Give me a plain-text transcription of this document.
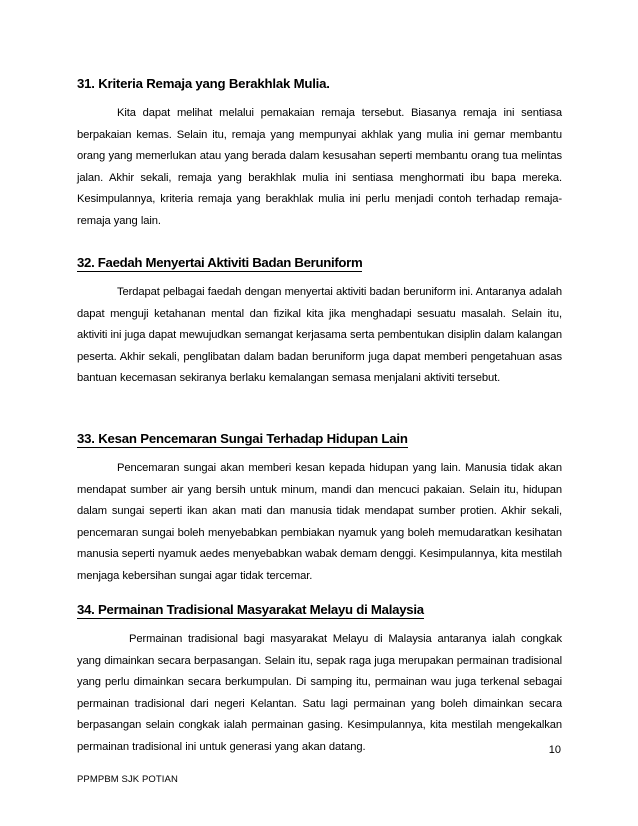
31. Kriteria Remaja yang Berakhlak Mulia.

Kita dapat melihat melalui pemakaian remaja tersebut. Biasanya remaja ini sentiasa berpakaian kemas. Selain itu, remaja yang mempunyai akhlak yang mulia ini gemar membantu orang yang memerlukan atau yang berada dalam kesusahan seperti membantu orang tua melintas jalan. Akhir sekali, remaja yang berakhlak mulia ini sentiasa menghormati ibu bapa mereka. Kesimpulannya, kriteria remaja yang berakhlak mulia ini perlu menjadi contoh terhadap remaja- remaja yang lain.

32. Faedah Menyertai Aktiviti Badan Beruniform

Terdapat pelbagai faedah dengan menyertai aktiviti badan beruniform ini. Antaranya adalah dapat menguji ketahanan mental dan fizikal kita jika menghadapi sesuatu masalah. Selain itu, aktiviti ini juga dapat mewujudkan semangat kerjasama serta pembentukan disiplin dalam kalangan peserta. Akhir sekali, penglibatan dalam badan beruniform juga dapat memberi pengetahuan asas bantuan kecemasan sekiranya berlaku kemalangan semasa menjalani aktiviti tersebut.

33. Kesan Pencemaran Sungai Terhadap Hidupan Lain

Pencemaran sungai akan memberi kesan kepada hidupan yang lain. Manusia tidak akan mendapat sumber air yang bersih untuk minum, mandi dan mencuci pakaian. Selain itu, hidupan dalam sungai seperti ikan akan mati dan manusia tidak mendapat sumber protien. Akhir sekali, pencemaran sungai boleh menyebabkan pembiakan nyamuk yang boleh memudaratkan kesihatan manusia seperti nyamuk aedes menyebabkan wabak demam denggi. Kesimpulannya, kita mestilah menjaga kebersihan sungai agar tidak tercemar.

34. Permainan Tradisional Masyarakat Melayu di Malaysia

Permainan tradisional bagi masyarakat Melayu di Malaysia antaranya ialah congkak yang dimainkan secara berpasangan. Selain itu, sepak raga juga merupakan permainan tradisional yang perlu dimainkan secara berkumpulan. Di samping itu, permainan wau juga terkenal sebagai permainan tradisional dari negeri Kelantan. Satu lagi permainan yang boleh dimainkan secara berpasangan selain congkak ialah permainan gasing. Kesimpulannya, kita mestilah mengekalkan permainan tradisional ini untuk generasi yang akan datang.	10
PPMPBM SJK POTIAN
